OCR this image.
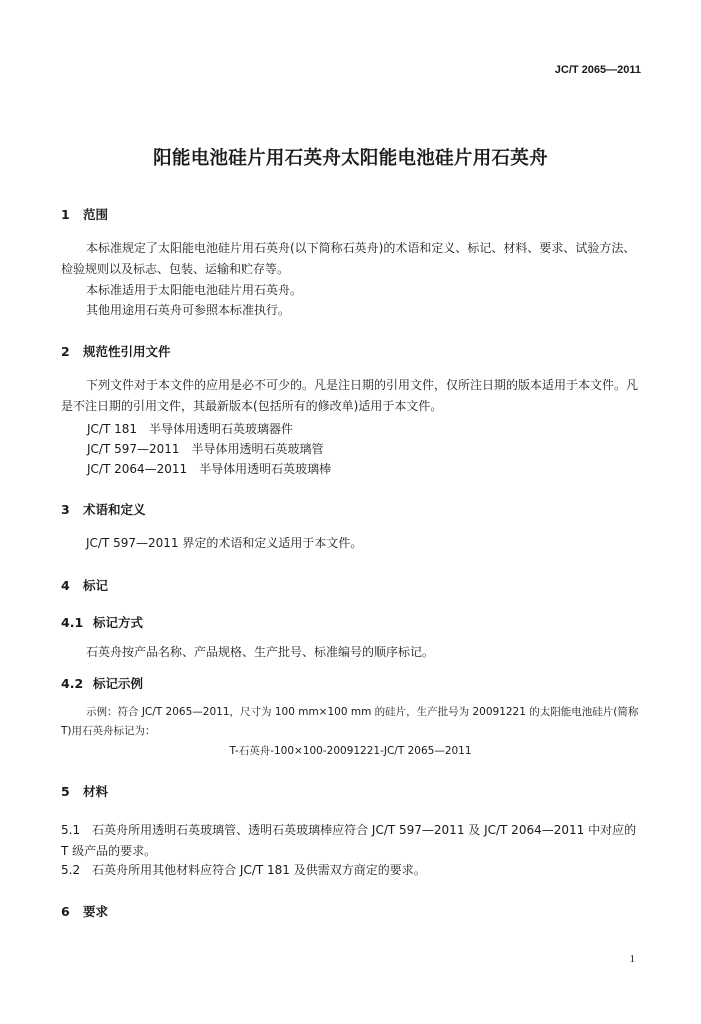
JC/T 2065—2011
阳能电池硅片用石英舟太阳能电池硅片用石英舟
1 范围
本标准规定了太阳能电池硅片用石英舟(以下简称石英舟)的术语和定义、标记、材料、要求、试验方法、检验规则以及标志、包装、运输和贮存等。
本标准适用于太阳能电池硅片用石英舟。
其他用途用石英舟可参照本标准执行。
2 规范性引用文件
下列文件对于本文件的应用是必不可少的。凡是注日期的引用文件，仅所注日期的版本适用于本文件。凡是不注日期的引用文件，其最新版本(包括所有的修改单)适用于本文件。
JC/T 181　半导体用透明石英玻璃器件
JC/T 597—2011　半导体用透明石英玻璃管
JC/T 2064—2011　半导体用透明石英玻璃棒
3 术语和定义
JC/T 597—2011 界定的术语和定义适用于本文件。
4 标记
4.1 标记方式
石英舟按产品名称、产品规格、生产批号、标准编号的顺序标记。
4.2 标记示例
示例：符合 JC/T 2065—2011，尺寸为 100 mm×100 mm 的硅片，生产批号为 20091221 的太阳能电池硅片(简称 T)用石英舟标记为：
T-石英舟-100×100-20091221-JC/T 2065—2011
5 材料
5.1　石英舟所用透明石英玻璃管、透明石英玻璃棒应符合 JC/T 597—2011 及 JC/T 2064—2011 中对应的 T 级产品的要求。
5.2　石英舟所用其他材料应符合 JC/T 181 及供需双方商定的要求。
6 要求
1
